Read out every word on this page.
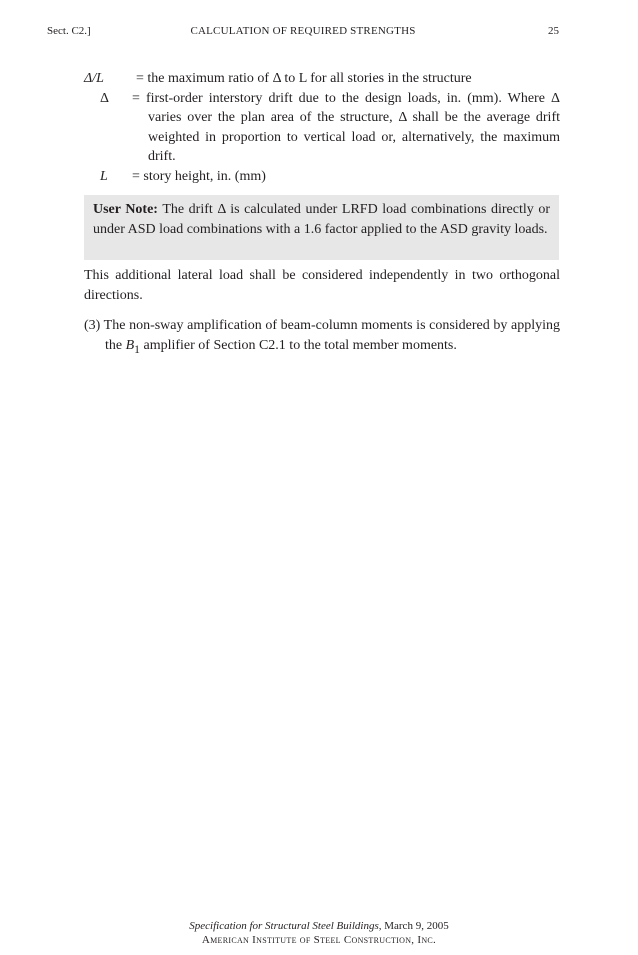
Sect. C2.]	CALCULATION OF REQUIRED STRENGTHS	25
Δ/L	= the maximum ratio of Δ to L for all stories in the structure
Δ = first-order interstory drift due to the design loads, in. (mm). Where Δ varies over the plan area of the structure, Δ shall be the average drift weighted in proportion to vertical load or, alternatively, the maximum drift.
L = story height, in. (mm)
User Note: The drift Δ is calculated under LRFD load combinations directly or under ASD load combinations with a 1.6 factor applied to the ASD gravity loads.
This additional lateral load shall be considered independently in two orthogonal directions.
(3) The non-sway amplification of beam-column moments is considered by applying the $B_1$ amplifier of Section C2.1 to the total member moments.
Specification for Structural Steel Buildings, March 9, 2005
American Institute of Steel Construction, Inc.
